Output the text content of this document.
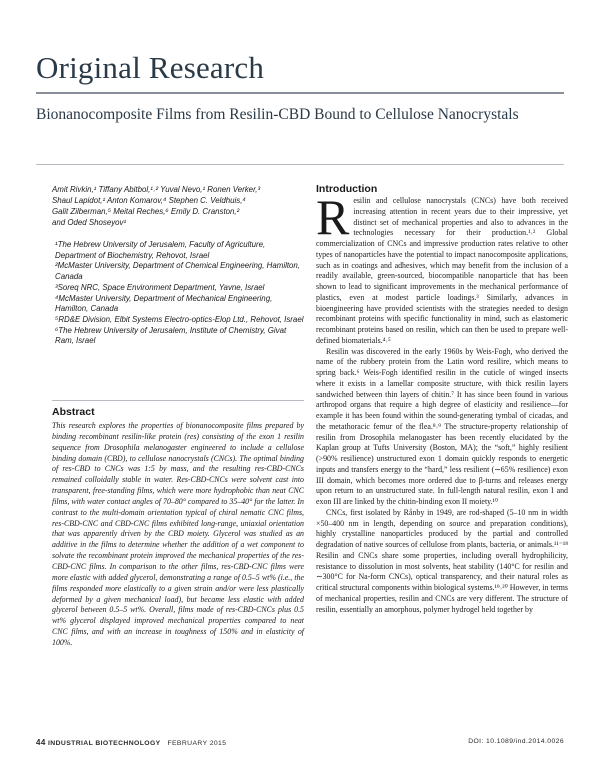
Original Research
Bionanocomposite Films from Resilin-CBD Bound to Cellulose Nanocrystals
Amit Rivkin,¹ Tiffany Abitbol,¹˒² Yuval Nevo,¹ Ronen Verker,³
Shaul Lapidot,¹ Anton Komarov,⁴ Stephen C. Veldhuis,⁴
Galit Zilberman,⁵ Meital Reches,⁶ Emily D. Cranston,²
and Oded Shoseyov¹

¹The Hebrew University of Jerusalem, Faculty of Agriculture, Department of Biochemistry, Rehovot, Israel

²McMaster University, Department of Chemical Engineering, Hamilton, Canada

³Soreq NRC, Space Environment Department, Yavne, Israel

⁴McMaster University, Department of Mechanical Engineering, Hamilton, Canada

⁵RD&E Division, Elbit Systems Electro-optics-Elop Ltd., Rehovot, Israel

⁶The Hebrew University of Jerusalem, Institute of Chemistry, Givat Ram, Israel

Abstract
This research explores the properties of bionanocomposite films prepared by binding recombinant resilin-like protein (res) consisting of the exon 1 resilin sequence from Drosophila melanogaster engineered to include a cellulose binding domain (CBD), to cellulose nanocrystals (CNCs). The optimal binding of res-CBD to CNCs was 1:5 by mass, and the resulting res-CBD-CNCs remained colloidally stable in water. Res-CBD-CNCs were solvent cast into transparent, free-standing films, which were more hydrophobic than neat CNC films, with water contact angles of 70–80° compared to 35–40° for the latter. In contrast to the multi-domain orientation typical of chiral nematic CNC films, res-CBD-CNC and CBD-CNC films exhibited long-range, uniaxial orientation that was apparently driven by the CBD moiety. Glycerol was studied as an additive in the films to determine whether the addition of a wet component to solvate the recombinant protein improved the mechanical properties of the res-CBD-CNC films. In comparison to the other films, res-CBD-CNC films were more elastic with added glycerol, demonstrating a range of 0.5–5 wt% (i.e., the films responded more elastically to a given strain and/or were less plastically deformed by a given mechanical load), but became less elastic with added glycerol between 0.5–5 wt%. Overall, films made of res-CBD-CNCs plus 0.5 wt% glycerol displayed improved mechanical properties compared to neat CNC films, and with an increase in toughness of 150% and in elasticity of 100%.
Introduction

Resilin and cellulose nanocrystals (CNCs) have both received increasing attention in recent years due to their impressive, yet distinct set of mechanical properties and also to advances in the technologies necessary for their production.¹˒² Global commercialization of CNCs and impressive production rates relative to other types of nanoparticles have the potential to impact nanocomposite applications, such as in coatings and adhesives, which may benefit from the inclusion of a readily available, green-sourced, biocompatible nanoparticle that has been shown to lead to significant improvements in the mechanical performance of plastics, even at modest particle loadings.³ Similarly, advances in bioengineering have provided scientists with the strategies needed to design recombinant proteins with specific functionality in mind, such as elastomeric recombinant proteins based on resilin, which can then be used to prepare well-defined biomaterials.⁴˒⁵

Resilin was discovered in the early 1960s by Weis-Fogh, who derived the name of the rubbery protein from the Latin word resilire, which means to spring back.⁶ Weis-Fogh identified resilin in the cuticle of winged insects where it exists in a lamellar composite structure, with thick resilin layers sandwiched between thin layers of chitin.⁷ It has since been found in various arthropod organs that require a high degree of elasticity and resilience—for example it has been found within the sound-generating tymbal of cicadas, and the metathoracic femur of the flea.⁸˒⁹ The structure-property relationship of resilin from Drosophila melanogaster has been recently elucidated by the Kaplan group at Tufts University (Boston, MA); the “soft,” highly resilient (>90% resilience) unstructured exon 1 domain quickly responds to energetic inputs and transfers energy to the “hard,” less resilient (∼65% resilience) exon III domain, which becomes more ordered due to β-turns and releases energy upon return to an unstructured state. In full-length natural resilin, exon I and exon III are linked by the chitin-binding exon II moiety.¹⁰

CNCs, first isolated by Rånby in 1949, are rod-shaped (5–10 nm in width ×50–400 nm in length, depending on source and preparation conditions), highly crystalline nanoparticles produced by the partial and controlled degradation of native sources of cellulose from plants, bacteria, or animals.¹¹⁻¹⁸ Resilin and CNCs share some properties, including overall hydrophilicity, resistance to dissolution in most solvents, heat stability (140°C for resilin and ∼300°C for Na-form CNCs), optical transparency, and their natural roles as critical structural components within biological systems.¹⁹˒²⁰ However, in terms of mechanical properties, resilin and CNCs are very different. The structure of resilin, essentially an amorphous, polymer hydrogel held together by

44 INDUSTRIAL BIOTECHNOLOGY FEBRUARY 2015	DOI: 10.1089/ind.2014.0026
